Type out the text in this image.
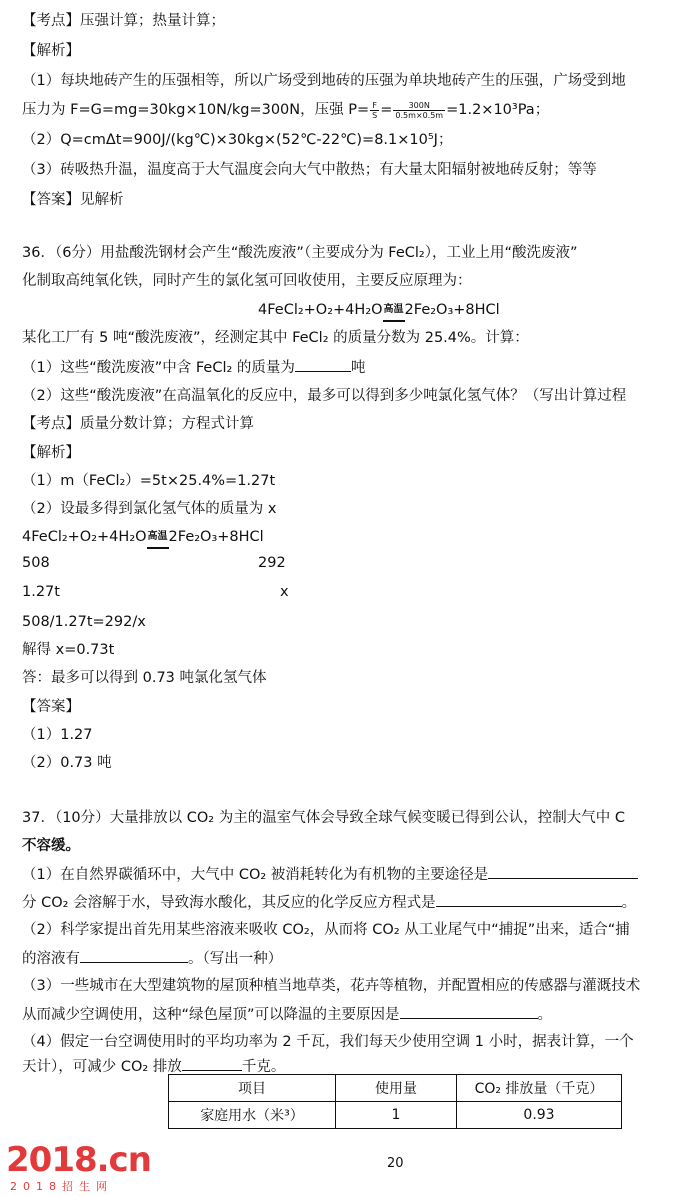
【考点】压强计算；热量计算；
【解析】
（1）每块地砖产生的压强相等，所以广场受到地砖的压强为单块地砖产生的压强，广场受到地
压力为 F=G=mg=30kg×10N/kg=300N，压强 $P= \frac{F}{S} = \frac{300N}{0.5m\times 0.5m} =1.2\times 10^3Pa$；
（2）Q=cmΔt=900J/(kg℃)×30kg×(52℃-22℃)=8.1×10⁵J；
（3）砖吸热升温，温度高于大气温度会向大气中散热；有大量太阳辐射被地砖反射；等等
【答案】见解析
36．（6分）用盐酸洗钢材会产生“酸洗废液”（主要成分为 FeCl₂），工业上用“酸洗废液”
化制取高纯氧化铁，同时产生的氯化氢可回收使用，主要反应原理为：
4FeCl₂+O₂+4H₂O高温2Fe₂O₃+8HCl
某化工厂有 5 吨“酸洗废液”，经测定其中 FeCl₂ 的质量分数为 25.4%。计算：
（1）这些“酸洗废液”中含 FeCl₂ 的质量为	吨
（2）这些“酸洗废液”在高温氧化的反应中，最多可以得到多少吨氯化氢气体？（写出计算过程
【考点】质量分数计算；方程式计算
【解析】
（1）m（FeCl₂）=5t×25.4%=1.27t
（2）设最多得到氯化氢气体的质量为 x
4FeCl₂+O₂+4H₂O高温2Fe₂O₃+8HCl
508	292
1.27t	x
508/1.27t=292/x
解得 x=0.73t
答：最多可以得到 0.73 吨氯化氢气体
【答案】
（1）1.27
（2）0.73 吨
37．（10分）大量排放以 CO₂ 为主的温室气体会导致全球气候变暖已得到公认，控制大气中 C
不容缓。
（1）在自然界碳循环中，大气中 CO₂ 被消耗转化为有机物的主要途径是
分 CO₂ 会溶解于水，导致海水酸化，其反应的化学反应方程式是	。
（2）科学家提出首先用某些溶液来吸收 CO₂，从而将 CO₂ 从工业尾气中“捕捉”出来，适合“捕
的溶液有	。（写出一种）
（3）一些城市在大型建筑物的屋顶种植当地草类，花卉等植物，并配置相应的传感器与灌溉技术
从而减少空调使用，这种“绿色屋顶”可以降温的主要原因是	。
（4）假定一台空调使用时的平均功率为 2 千瓦，我们每天少使用空调 1 小时，据表计算，一个
天计），可减少 CO₂ 排放	千克。
项目	使用量	CO₂ 排放量（千克）
家庭用水（米³）	1	0.93
20
2018.cn
2018招生网
